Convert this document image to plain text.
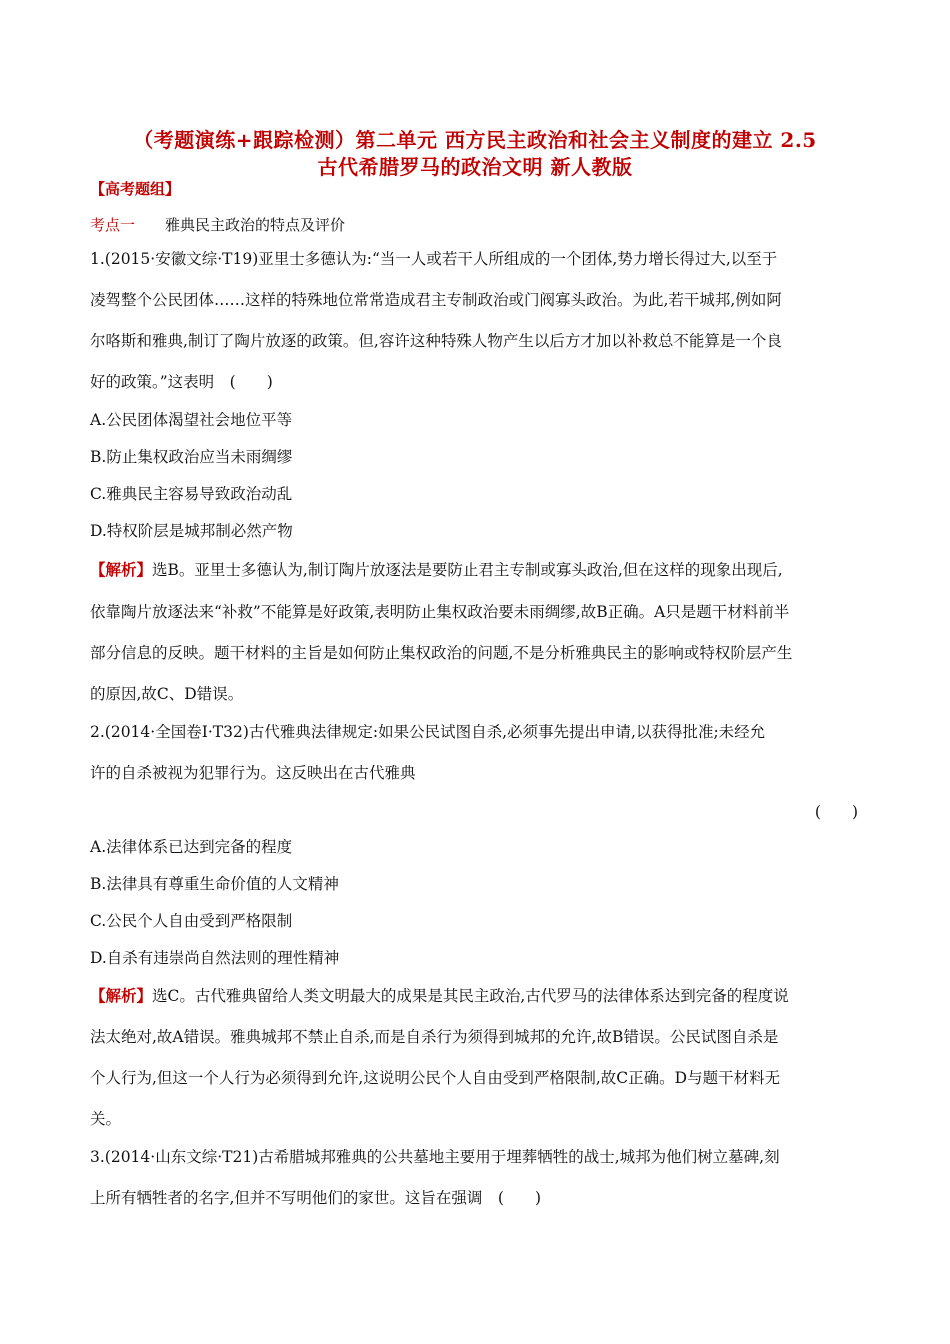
（考题演练+跟踪检测）第二单元 西方民主政治和社会主义制度的建立 2.5
古代希腊罗马的政治文明 新人教版
【高考题组】
考点一 雅典民主政治的特点及评价
1.(2015·安徽文综·T19)亚里士多德认为:“当一人或若干人所组成的一个团体,势力增长得过大,以至于
凌驾整个公民团体……这样的特殊地位常常造成君主专制政治或门阀寡头政治。为此,若干城邦,例如阿
尔咯斯和雅典,制订了陶片放逐的政策。但,容许这种特殊人物产生以后方才加以补救总不能算是一个良
好的政策。”这表明　(　　)
A.公民团体渴望社会地位平等
B.防止集权政治应当未雨绸缪
C.雅典民主容易导致政治动乱
D.特权阶层是城邦制必然产物
【解析】选B。亚里士多德认为,制订陶片放逐法是要防止君主专制或寡头政治,但在这样的现象出现后,
依靠陶片放逐法来“补救”不能算是好政策,表明防止集权政治要未雨绸缪,故B正确。A只是题干材料前半
部分信息的反映。题干材料的主旨是如何防止集权政治的问题,不是分析雅典民主的影响或特权阶层产生
的原因,故C、D错误。
2.(2014·全国卷Ⅰ·T32)古代雅典法律规定:如果公民试图自杀,必须事先提出申请,以获得批准;未经允
许的自杀被视为犯罪行为。这反映出在古代雅典
(　　)
A.法律体系已达到完备的程度
B.法律具有尊重生命价值的人文精神
C.公民个人自由受到严格限制
D.自杀有违崇尚自然法则的理性精神
【解析】选C。古代雅典留给人类文明最大的成果是其民主政治,古代罗马的法律体系达到完备的程度说
法太绝对,故A错误。雅典城邦不禁止自杀,而是自杀行为须得到城邦的允许,故B错误。公民试图自杀是
个人行为,但这一个人行为必须得到允许,这说明公民个人自由受到严格限制,故C正确。D与题干材料无
关。
3.(2014·山东文综·T21)古希腊城邦雅典的公共墓地主要用于埋葬牺牲的战士,城邦为他们树立墓碑,刻
上所有牺牲者的名字,但并不写明他们的家世。这旨在强调　(　　)
